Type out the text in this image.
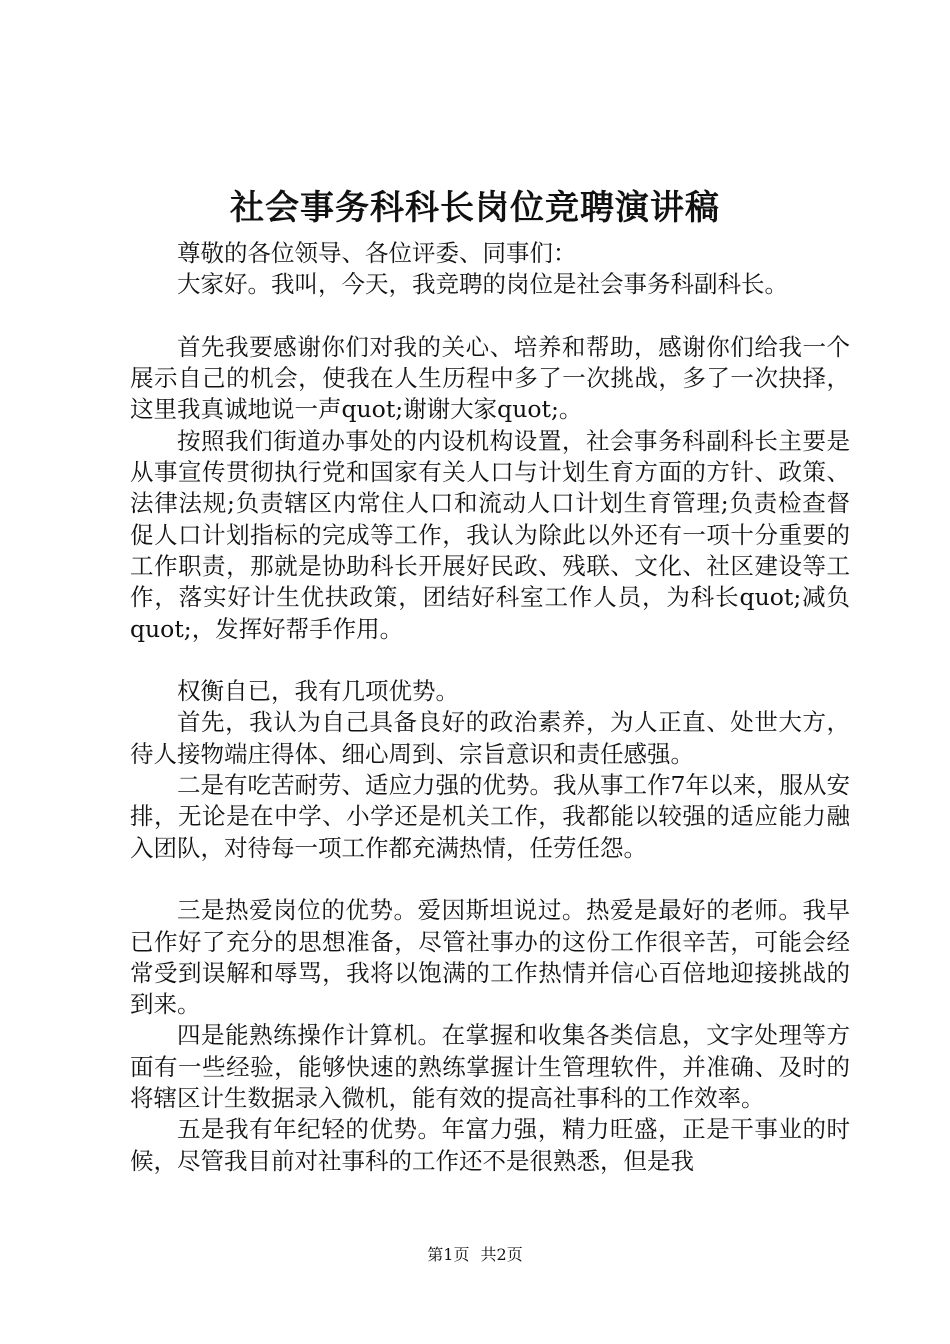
社会事务科科长岗位竞聘演讲稿

尊敬的各位领导、各位评委、同事们：

大家好。我叫，今天，我竞聘的岗位是社会事务科副科长。

首先我要感谢你们对我的关心、培养和帮助，感谢你们给我一个展示自己的机会，使我在人生历程中多了一次挑战，多了一次抉择，这里我真诚地说一声quot;谢谢大家quot;。

按照我们街道办事处的内设机构设置，社会事务科副科长主要是从事宣传贯彻执行党和国家有关人口与计划生育方面的方针、政策、法律法规;负责辖区内常住人口和流动人口计划生育管理;负责检查督促人口计划指标的完成等工作，我认为除此以外还有一项十分重要的工作职责，那就是协助科长开展好民政、残联、文化、社区建设等工作，落实好计生优扶政策，团结好科室工作人员，为科长quot;减负quot;，发挥好帮手作用。

权衡自已，我有几项优势。

首先，我认为自己具备良好的政治素养，为人正直、处世大方，待人接物端庄得体、细心周到、宗旨意识和责任感强。

二是有吃苦耐劳、适应力强的优势。我从事工作7年以来，服从安排，无论是在中学、小学还是机关工作，我都能以较强的适应能力融入团队，对待每一项工作都充满热情，任劳任怨。

三是热爱岗位的优势。爱因斯坦说过。热爱是最好的老师。我早已作好了充分的思想准备，尽管社事办的这份工作很辛苦，可能会经常受到误解和辱骂，我将以饱满的工作热情并信心百倍地迎接挑战的到来。

四是能熟练操作计算机。在掌握和收集各类信息，文字处理等方面有一些经验，能够快速的熟练掌握计生管理软件，并准确、及时的将辖区计生数据录入微机，能有效的提高社事科的工作效率。

五是我有年纪轻的优势。年富力强，精力旺盛，正是干事业的时候，尽管我目前对社事科的工作还不是很熟悉，但是我

第1页 共2页
